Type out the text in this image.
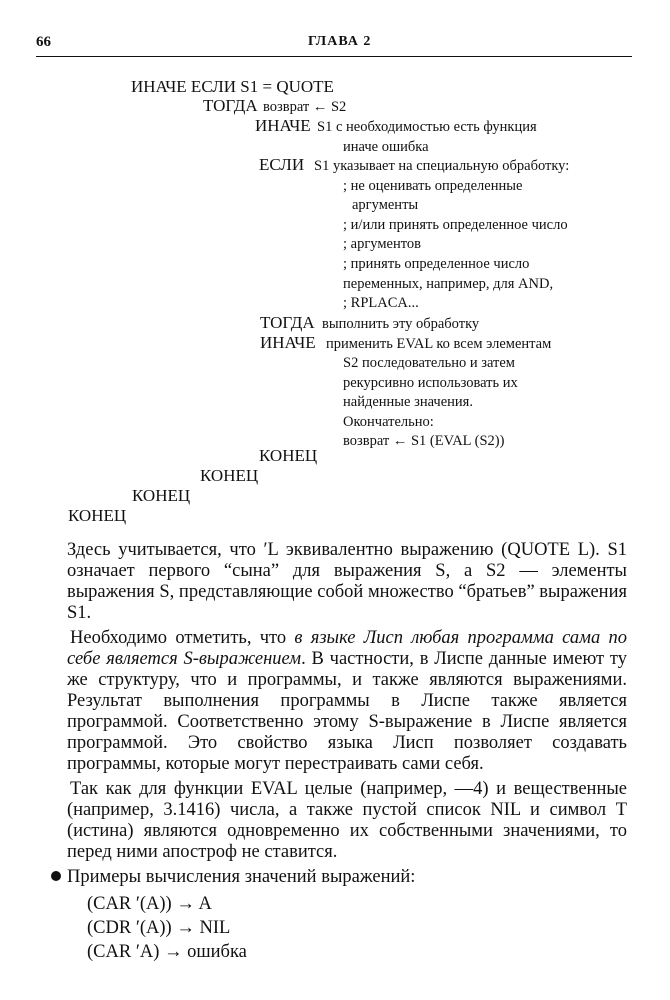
66	ГЛАВА 2
ИНАЧЕ ЕСЛИ S1 = QUOTE
ТОГДА возврат ← S2
ИНАЧЕ S1 с необходимостью есть функция
иначе ошибка
ЕСЛИ S1 указывает на специальную обработку:
; не оценивать определенные
аргументы
; и/или принять определенное число
; аргументов
; принять определенное число
переменных, например, для AND,
; RPLACA...
ТОГДА выполнить эту обработку
ИНАЧЕ применить EVAL ко всем элементам
S2 последовательно и затем
рекурсивно использовать их
найденные значения.
Окончательно:
возврат ← S1 (EVAL (S2))
КОНЕЦ
КОНЕЦ
КОНЕЦ
КОНЕЦ

Здесь учитывается, что ′L эквивалентно выражению (QUOTE L). S1 означает первого “сына” для выражения S, а S2 — элементы выражения S, представляющие собой множество “братьев” выражения S1.

Необходимо отметить, что в языке Лисп любая программа сама по себе является S-выражением. В частности, в Лиспе данные имеют ту же структуру, что и программы, и также являются выражениями. Результат выполнения программы в Лиспе также является программой. Соответственно этому S-выражение в Лиспе является программой. Это свойство языка Лисп позволяет создавать программы, которые могут перестраивать сами себя.

Так как для функции EVAL целые (например, —4) и вещественные (например, 3.1416) числа, а также пустой список NIL и символ T (истина) являются одновременно их собственными значениями, то перед ними апостроф не ставится.

Примеры вычисления значений выражений:
(CAR ′(A)) → A
(CDR ′(A)) → NIL
(CAR ′A) → ошибка
